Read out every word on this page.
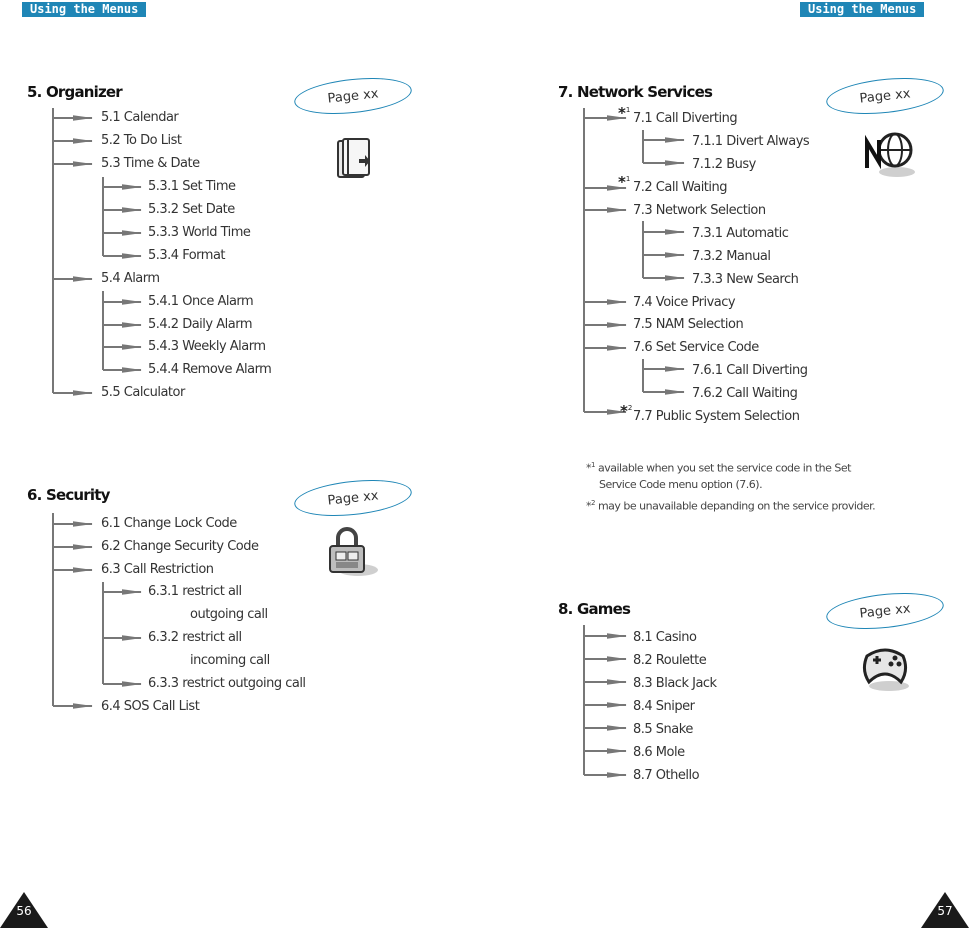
Using the Menus	Using the Menus
5. Organizer	Page xx
5.1 Calendar
5.2 To Do List
5.3 Time & Date
5.3.1 Set Time
5.3.2 Set Date
5.3.3 World Time
5.3.4 Format
5.4 Alarm
5.4.1 Once Alarm
5.4.2 Daily Alarm
5.4.3 Weekly Alarm
5.4.4 Remove Alarm
5.5 Calculator
6. Security	Page xx
6.1 Change Lock Code
6.2 Change Security Code
6.3 Call Restriction
6.3.1 restrict all
outgoing call
6.3.2 restrict all
incoming call
6.3.3 restrict outgoing call
6.4 SOS Call List
7. Network Services	Page xx
*$^1$
7.1 Call Diverting
7.1.1 Divert Always
7.1.2 Busy
*$^1$
7.2 Call Waiting
7.3 Network Selection
7.3.1 Automatic
7.3.2 Manual
7.3.3 New Search
7.4 Voice Privacy
7.5 NAM Selection
7.6 Set Service Code
7.6.1 Call Diverting
7.6.2 Call Waiting
*$^2$
7.7 Public System Selection
*$^1$ available when you set the service code in the Set
Service Code menu option (7.6).
*$^2$ may be unavailable depanding on the service provider.
8. Games	Page xx
8.1 Casino
8.2 Roulette
8.3 Black Jack
8.4 Sniper
8.5 Snake
8.6 Mole
8.7 Othello
56	57
